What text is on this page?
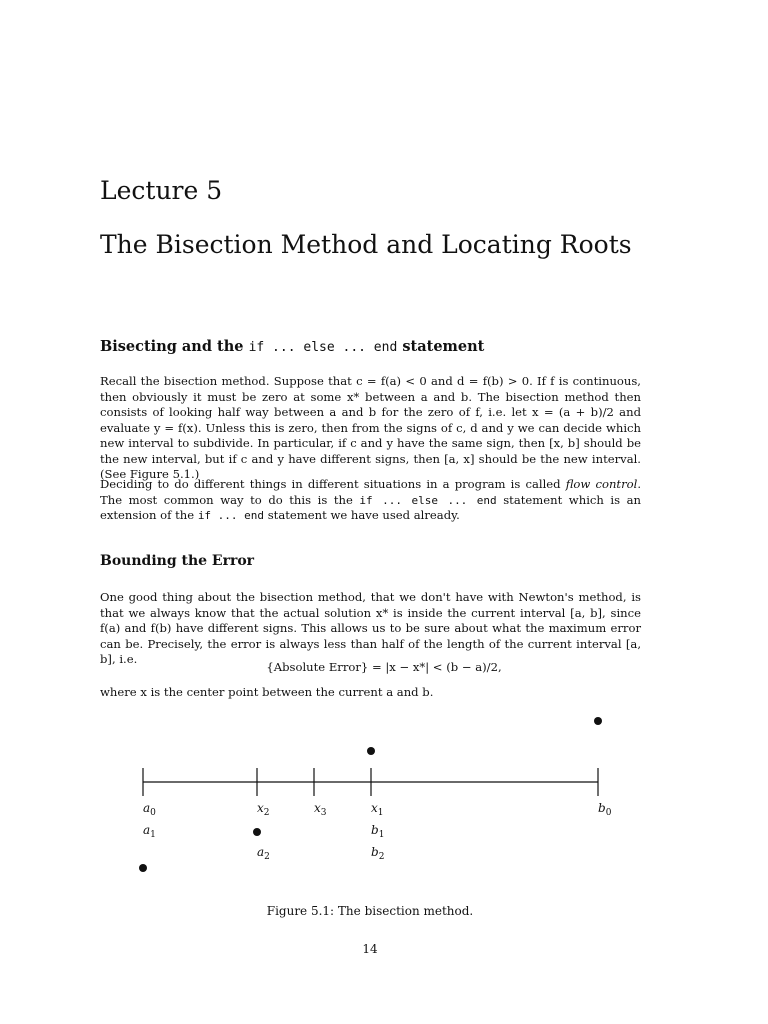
Lecture 5
The Bisection Method and Locating Roots
Bisecting and the if ... else ... end statement
Recall the bisection method. Suppose that c = f(a) < 0 and d = f(b) > 0. If f is continuous, then obviously it must be zero at some x* between a and b. The bisection method then consists of looking half way between a and b for the zero of f, i.e. let x = (a + b)/2 and evaluate y = f(x). Unless this is zero, then from the signs of c, d and y we can decide which new interval to subdivide. In particular, if c and y have the same sign, then [x, b] should be the new interval, but if c and y have different signs, then [a, x] should be the new interval. (See Figure 5.1.)
Deciding to do different things in different situations in a program is called flow control. The most common way to do this is the if ... else ... end statement which is an extension of the if ... end statement we have used already.
Bounding the Error
One good thing about the bisection method, that we don't have with Newton's method, is that we always know that the actual solution x* is inside the current interval [a, b], since f(a) and f(b) have different signs. This allows us to be sure about what the maximum error can be. Precisely, the error is always less than half of the length of the current interval [a, b], i.e.
{Absolute Error} = |x − x*| < (b − a)/2,
where x is the center point between the current a and b.
$a_0$	$x_2$	$x_3$	$x_1$	$b_0$
$a_1$	$b_1$
$a_2$	$b_2$
Figure 5.1: The bisection method.
14
